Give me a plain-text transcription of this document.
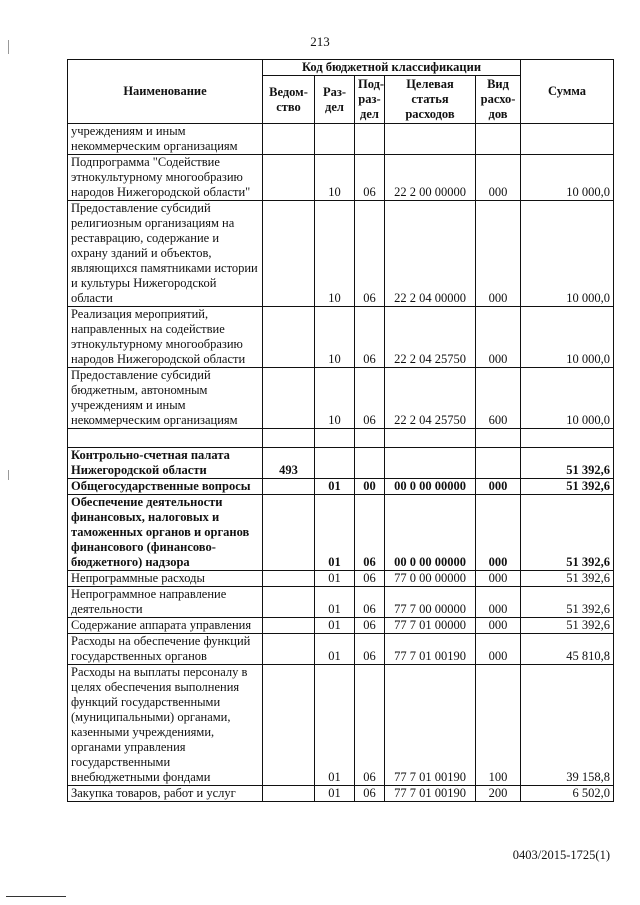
213
Наименование	Код бюджетной классификации					Сумма
	Ведом-ство	Раз-дел	Под-раз-дел	Целевая статья расходов	Вид расхо-дов	
учреждениям и иным некоммерческим организациям						
Подпрограмма "Содействие этнокультурному многообразию народов Нижегородской области"		10	06	22 2 00 00000	000	10 000,0
Предоставление субсидий религиозным организациям на реставрацию, содержание и охрану зданий и объектов, являющихся памятниками истории и культуры Нижегородской области		10	06	22 2 04 00000	000	10 000,0
Реализация мероприятий, направленных на содействие этнокультурному многообразию народов Нижегородской области		10	06	22 2 04 25750	000	10 000,0
Предоставление субсидий бюджетным, автономным учреждениям и иным некоммерческим организациям		10	06	22 2 04 25750	600	10 000,0

Контрольно-счетная палата Нижегородской области	493					51 392,6
Общегосударственные вопросы		01	00	00 0 00 00000	000	51 392,6
Обеспечение деятельности финансовых, налоговых и таможенных органов и органов финансового (финансово-бюджетного) надзора		01	06	00 0 00 00000	000	51 392,6
Непрограммные расходы		01	06	77 0 00 00000	000	51 392,6
Непрограммное направление деятельности		01	06	77 7 00 00000	000	51 392,6
Содержание аппарата управления		01	06	77 7 01 00000	000	51 392,6
Расходы на обеспечение функций государственных органов		01	06	77 7 01 00190	000	45 810,8
Расходы на выплаты персоналу в целях обеспечения выполнения функций государственными (муниципальными) органами, казенными учреждениями, органами управления государственными внебюджетными фондами		01	06	77 7 01 00190	100	39 158,8
Закупка товаров, работ и услуг		01	06	77 7 01 00190	200	6 502,0
0403/2015-1725(1)
